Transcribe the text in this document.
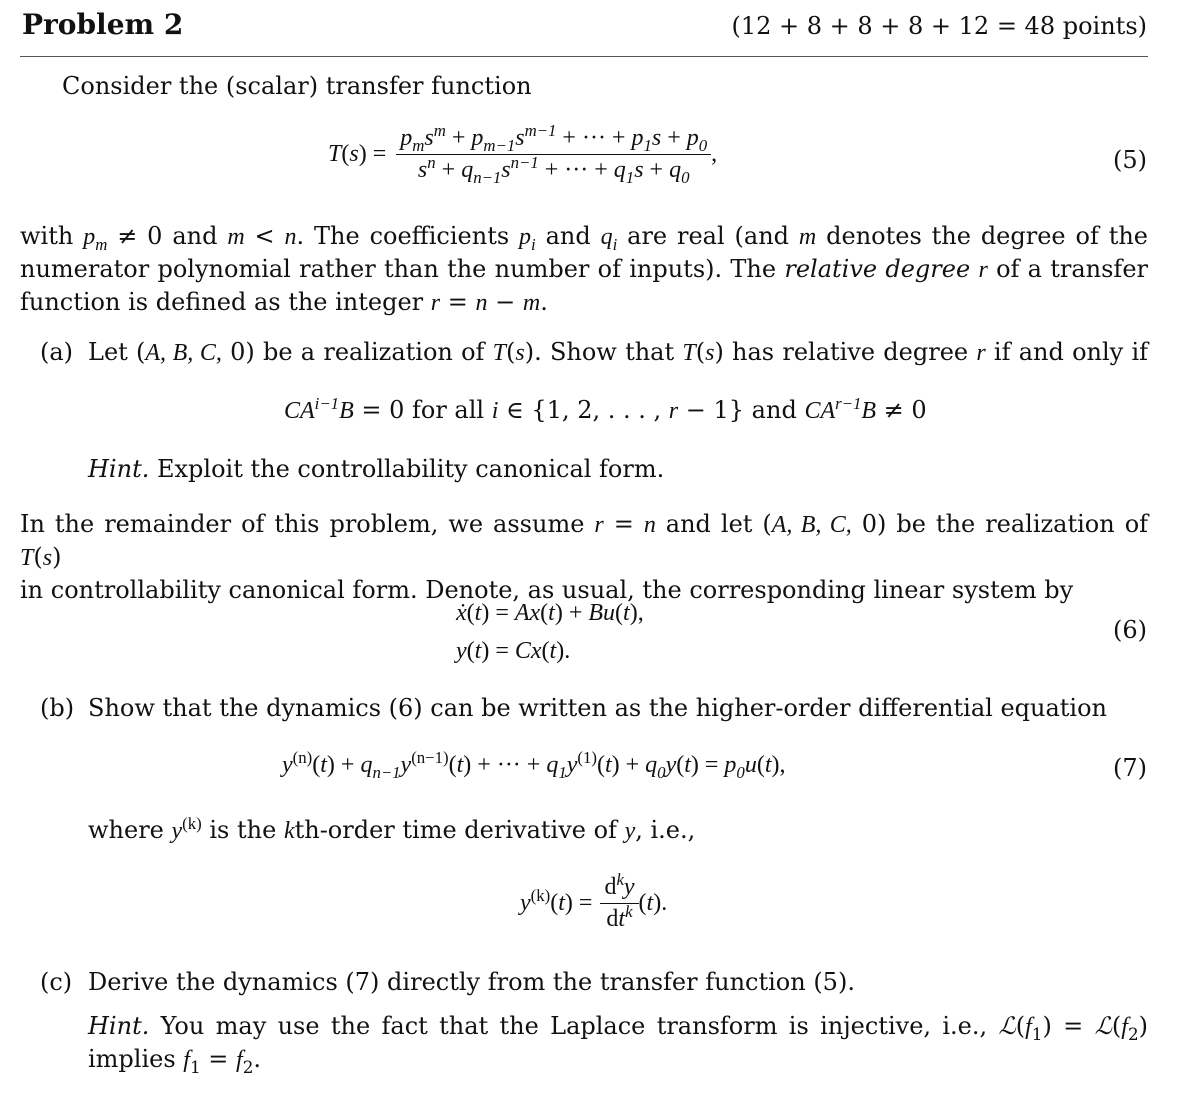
Problem 2	(12 + 8 + 8 + 8 + 12 = 48 points)
Consider the (scalar) transfer function
$T(s) = \frac{p_ms^m + p_{m-1}s^{m-1} + \cdot\cdot\cdot + p_1s + p_0}{s^n + q_{n-1}s^{n-1} + \cdot\cdot\cdot + q_1s + q_0}$ ,	(5)
with $p_m \ne 0$ and m < n. The coefficients $p_i$ and $q_i$ are real (and m denotes the degree of the
numerator polynomial rather than the number of inputs). The relative degree r of a transfer
function is defined as the integer r = n − m.
(a) Let (A, B, C, 0) be a realization of T(s). Show that T(s) has relative degree r if and only if
$CA^{i-1}B = 0$ for all i ∈ {1, 2, . . . , r − 1} and $CA^{r-1}B \ne 0$
Hint. Exploit the controllability canonical form.
In the remainder of this problem, we assume r = n and let (A, B, C, 0) be the realization of T(s)
in controllability canonical form. Denote, as usual, the corresponding linear system by
ẋ(t) = Ax(t) + Bu(t),
y(t) = Cx(t).
(6)
(b) Show that the dynamics (6) can be written as the higher-order differential equation
$y^{(n)}(t) + q_{n-1}y^{(n-1)}(t)$ + ··· + $q_1y^{(1)}(t) + q_0y(t) = p_0u(t)$,	(7)
where $y^{(k)}$ is the kth-order time derivative of y, i.e.,
$y^{(k)}(t) = \frac{d^ky}{dt^k} (t)$.
(c) Derive the dynamics (7) directly from the transfer function (5).
Hint. You may use the fact that the Laplace transform is injective, i.e., $ℒ(f_1)$ = $ℒ(f_2)$
implies $f_1 = f_2$.
